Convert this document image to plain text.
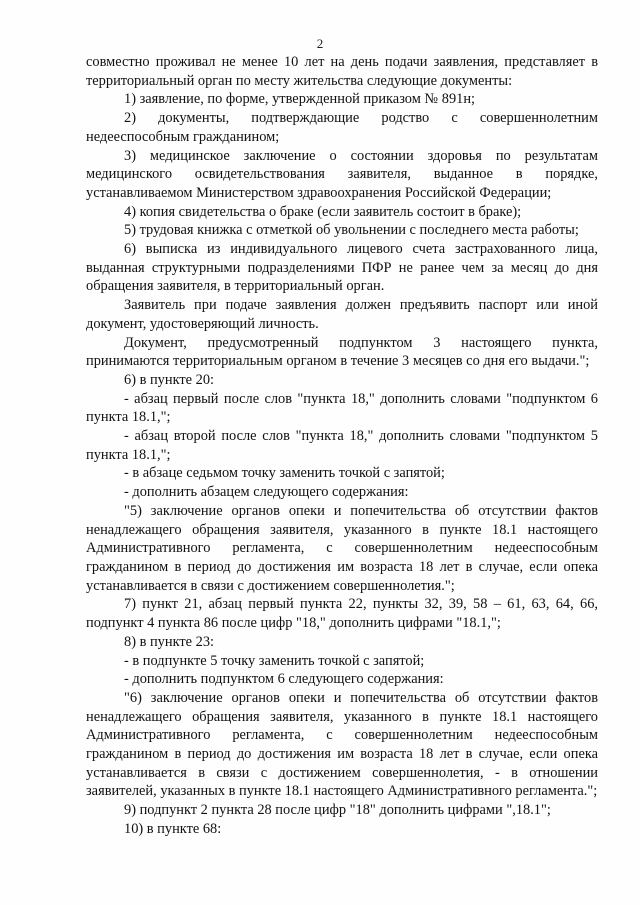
2

совместно проживал не менее 10 лет на день подачи заявления, представляет в территориальный орган по месту жительства следующие документы:

1) заявление, по форме, утвержденной приказом № 891н;

2) документы, подтверждающие родство с совершеннолетним недееспособным гражданином;

3) медицинское заключение о состоянии здоровья по результатам медицинского освидетельствования заявителя, выданное в порядке, устанавливаемом Министерством здравоохранения Российской Федерации;

4) копия свидетельства о браке (если заявитель состоит в браке);

5) трудовая книжка с отметкой об увольнении с последнего места работы;

6) выписка из индивидуального лицевого счета застрахованного лица, выданная структурными подразделениями ПФР не ранее чем за месяц до дня обращения заявителя, в территориальный орган.

Заявитель при подаче заявления должен предъявить паспорт или иной документ, удостоверяющий личность.

Документ, предусмотренный подпунктом 3 настоящего пункта, принимаются территориальным органом в течение 3 месяцев со дня его выдачи.";

6) в пункте 20:

- абзац первый после слов "пункта 18," дополнить словами "подпунктом 6 пункта 18.1,";

- абзац второй после слов "пункта 18," дополнить словами "подпунктом 5 пункта 18.1,";

- в абзаце седьмом точку заменить точкой с запятой;

- дополнить абзацем следующего содержания:

"5) заключение органов опеки и попечительства об отсутствии фактов ненадлежащего обращения заявителя, указанного в пункте 18.1 настоящего Административного регламента, с совершеннолетним недееспособным гражданином в период до достижения им возраста 18 лет в случае, если опека устанавливается в связи с достижением совершеннолетия.";

7) пункт 21, абзац первый пункта 22, пункты 32, 39, 58 – 61, 63, 64, 66, подпункт 4 пункта 86 после цифр "18," дополнить цифрами "18.1,";

8) в пункте 23:

- в подпункте 5 точку заменить точкой с запятой;

- дополнить подпунктом 6 следующего содержания:

"6) заключение органов опеки и попечительства об отсутствии фактов ненадлежащего обращения заявителя, указанного в пункте 18.1 настоящего Административного регламента, с совершеннолетним недееспособным гражданином в период до достижения им возраста 18 лет в случае, если опека устанавливается в связи с достижением совершеннолетия, - в отношении заявителей, указанных в пункте 18.1 настоящего Административного регламента.";

9) подпункт 2 пункта 28 после цифр "18" дополнить цифрами ",18.1";

10) в пункте 68:
